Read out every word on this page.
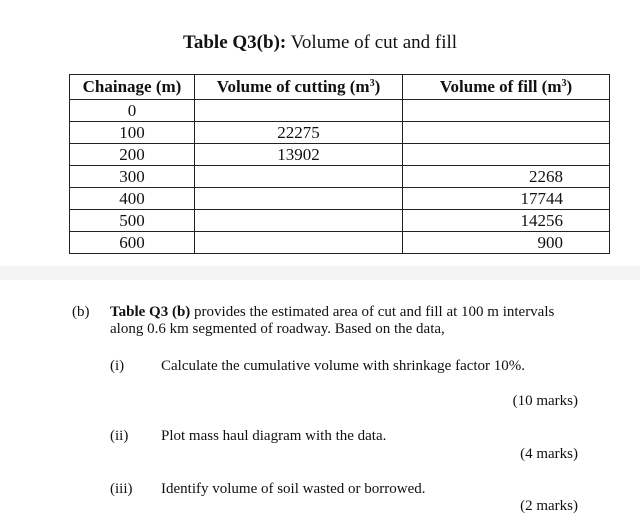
Table Q3(b): Volume of cut and fill
Chainage (m)	Volume of cutting $(m^3)$	Volume of fill $(m^3)$
0		
100	22275	
200	13902	
300		2268
400		17744
500		14256
600		900
(b) Table Q3 (b) provides the estimated area of cut and fill at 100 m intervals
along 0.6 km segmented of roadway. Based on the data,
(i) Calculate the cumulative volume with shrinkage factor 10%.
(10 marks)
(ii) Plot mass haul diagram with the data.
(4 marks)
(iii) Identify volume of soil wasted or borrowed.
(2 marks)
